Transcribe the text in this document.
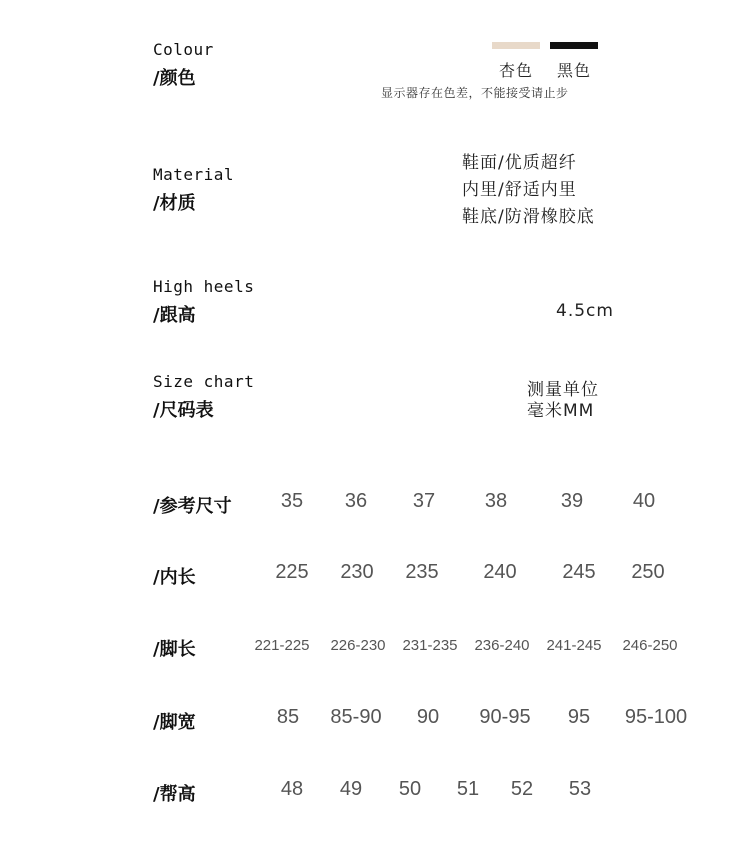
Colour
/颜色	杏色 黑色
显示器存在色差，不能接受请止步
Material
/材质
鞋面/优质超纤
内里/舒适内里
鞋底/防滑橡胶底
High heels
/跟高	4.5cm
Size chart
/尺码表
测量单位
毫米MM
/参考尺寸 35 36 37 38	39 40
/内长	225 230 235 240 245 250
/脚长	221-225 226-230 231-235 236-240 241-245 246-250
/脚宽	85 85-90 90 90-95 95 95-100
/帮高	48 49 50 51 52 53
